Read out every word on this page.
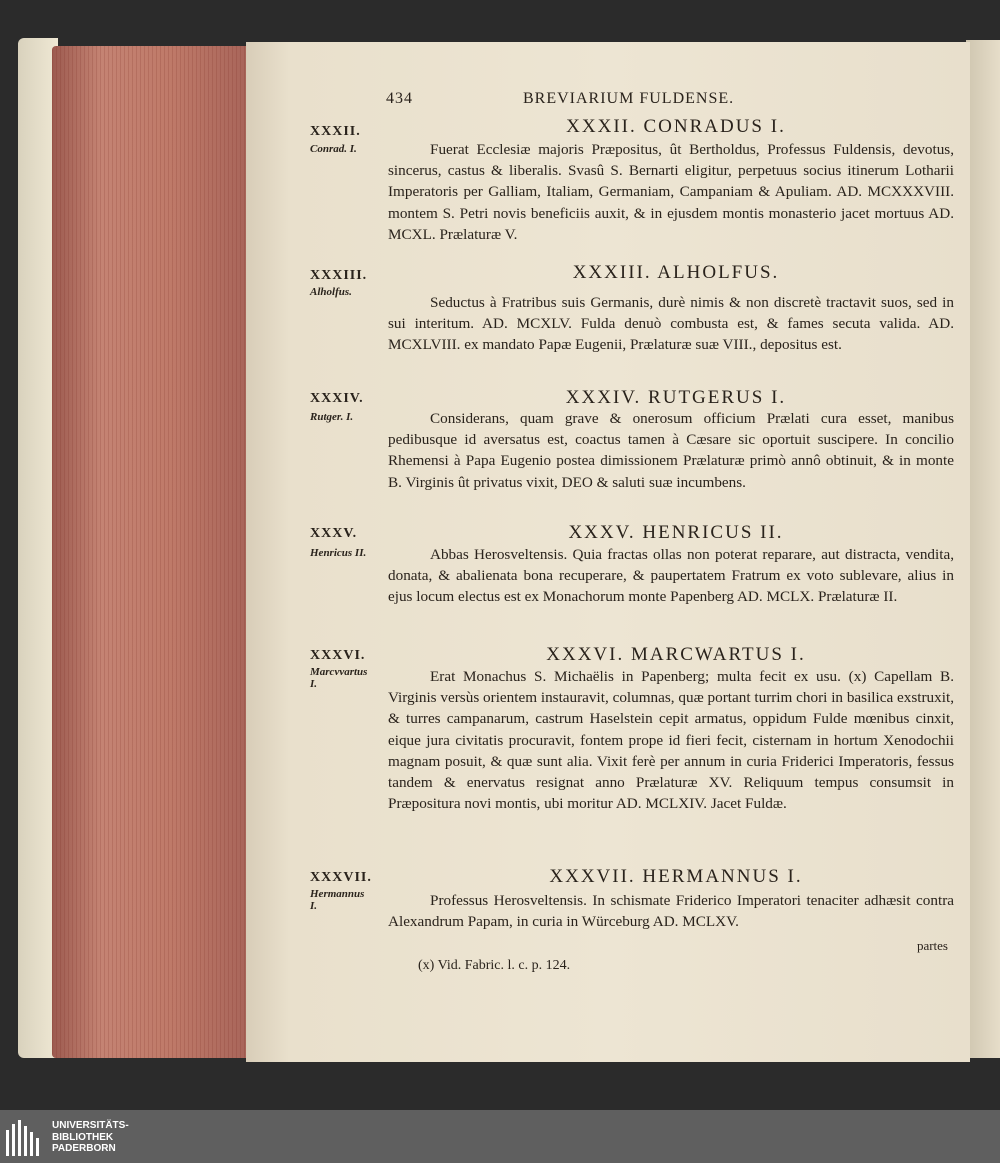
434	BREVIARIUM FULDENSE.
XXXII.
Conrad. I.
XXXII. CONRADUS I.

Fuerat Ecclesiæ majoris Præpositus, ût Bertholdus, Professus Fuldensis, devotus, sincerus, castus & liberalis. Svasû S. Bernarti eligitur, perpetuus socius itinerum Lotharii Imperatoris per Galliam, Italiam, Germaniam, Campaniam & Apuliam. AD. MCXXXVIII. montem S. Petri novis beneficiis auxit, & in ejusdem montis monasterio jacet mortuus AD. MCXL. Prælaturæ V.

XXXIII.
Alholfus.
XXXIII. ALHOLFUS.

Seductus à Fratribus suis Germanis, durè nimis & non discretè tractavit suos, sed in sui interitum. AD. MCXLV. Fulda denuò combusta est, & fames secuta valida. AD. MCXLVIII. ex mandato Papæ Eugenii, Prælaturæ suæ VIII., depositus est.

XXXIV.
Rutger. I.
XXXIV. RUTGERUS I.

Considerans, quam grave & onerosum officium Prælati cura esset, manibus pedibusque id aversatus est, coactus tamen à Cæsare sic oportuit suscipere. In concilio Rhemensi à Papa Eugenio postea dimissionem Prælaturæ primò annô obtinuit, & in monte B. Virginis ût privatus vixit, DEO & saluti suæ incumbens.

XXXV.
Henricus II.
XXXV. HENRICUS II.

Abbas Herosveltensis. Quia fractas ollas non poterat reparare, aut distracta, vendita, donata, & abalienata bona recuperare, & paupertatem Fratrum ex voto sublevare, alius in ejus locum electus est ex Monachorum monte Papenberg AD. MCLX. Prælaturæ II.

XXXVI.
Marcvvartus I.
XXXVI. MARCWARTUS I.

Erat Monachus S. Michaëlis in Papenberg; multa fecit ex usu. (x) Capellam B. Virginis versùs orientem instauravit, columnas, quæ portant turrim chori in basilica exstruxit, & turres campanarum, castrum Haselstein cepit armatus, oppidum Fulde mœnibus cinxit, eique jura civitatis procuravit, fontem prope id fieri fecit, cisternam in hortum Xenodochii magnam posuit, & quæ sunt alia. Vixit ferè per annum in curia Friderici Imperatoris, fessus tandem & enervatus resignat anno Prælaturæ XV. Reliquum tempus consumsit in Præpositura novi montis, ubi moritur AD. MCLXIV. Jacet Fuldæ.

XXXVII.
Hermannus I.
XXXVII. HERMANNUS I.

Professus Herosveltensis. In schismate Friderico Imperatori tenaciter adhæsit contra Alexandrum Papam, in curia in Würceburg AD. MCLXV.

partes
(x) Vid. Fabric. l. c. p. 124.
UNIVERSITÄTS-
BIBLIOTHEK
PADERBORN
